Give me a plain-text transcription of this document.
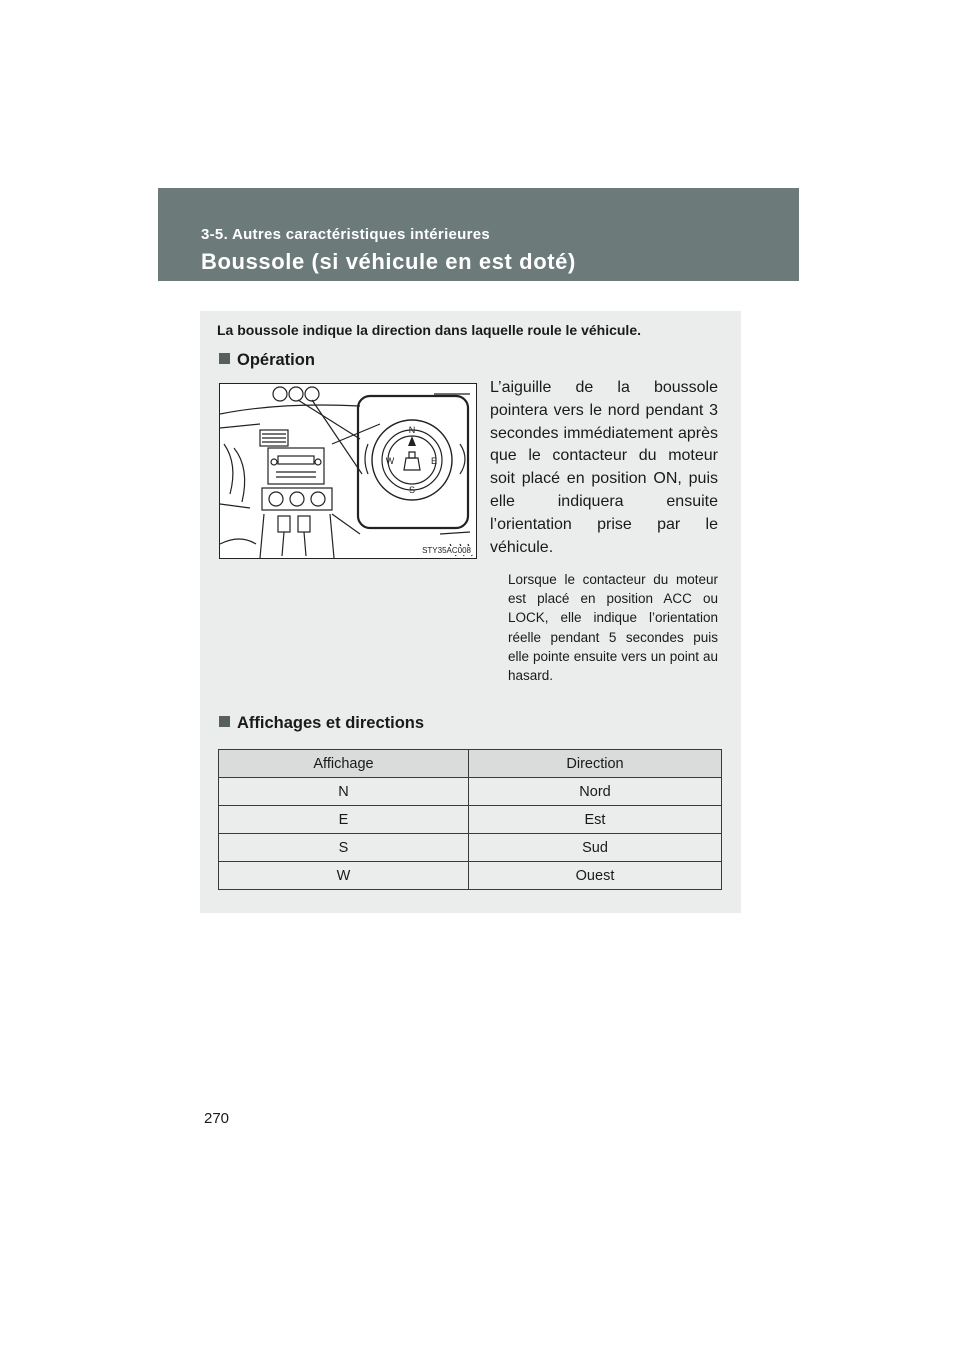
3-5. Autres caractéristiques intérieures
Boussole (si véhicule en est doté)
La boussole indique la direction dans laquelle roule le véhicule.
Opération
N
E
S
W
STY35AC008
L’aiguille de la boussole pointera vers le nord pendant 3 secondes immédiatement après que le contacteur du moteur soit placé en position ON, puis elle indiquera ensuite l’orientation prise par le véhicule.
Lorsque le contacteur du moteur est placé en position ACC ou LOCK, elle indique l’orientation réelle pendant 5 secondes puis elle pointe ensuite vers un point au hasard.
Affichages et directions
Affichage	Direction
N	Nord
E	Est
S	Sud
W	Ouest
270
